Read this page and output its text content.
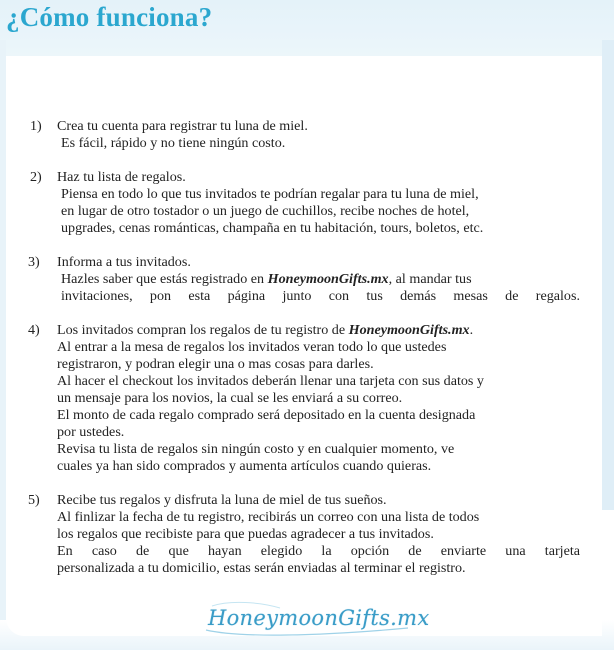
¿Cómo funciona?
1) Crea tu cuenta para registrar tu luna de miel.
Es fácil, rápido y no tiene ningún costo.
2) Haz tu lista de regalos.
Piensa en todo lo que tus invitados te podrían regalar para tu luna de miel,
en lugar de otro tostador o un juego de cuchillos, recibe noches de hotel,
upgrades, cenas románticas, champaña en tu habitación, tours, boletos, etc.
3) Informa a tus invitados.
Hazles saber que estás registrado en HoneymoonGifts.mx, al mandar tus
invitaciones, pon esta página junto con tus demás mesas de regalos.
4) Los invitados compran los regalos de tu registro de HoneymoonGifts.mx.
Al entrar a la mesa de regalos los invitados veran todo lo que ustedes
registraron, y podran elegir una o mas cosas para darles.
Al hacer el checkout los invitados deberán llenar una tarjeta con sus datos y
un mensaje para los novios, la cual se les enviará a su correo.
El monto de cada regalo comprado será depositado en la cuenta designada
por ustedes.
Revisa tu lista de regalos sin ningún costo y en cualquier momento, ve
cuales ya han sido comprados y aumenta artículos cuando quieras.
5) Recibe tus regalos y disfruta la luna de miel de tus sueños.
Al finlizar la fecha de tu registro, recibirás un correo con una lista de todos
los regalos que recibiste para que puedas agradecer a tus invitados.
En caso de que hayan elegido la opción de enviarte una tarjeta
personalizada a tu domicilio, estas serán enviadas al terminar el registro.
HoneymoonGifts.mx
